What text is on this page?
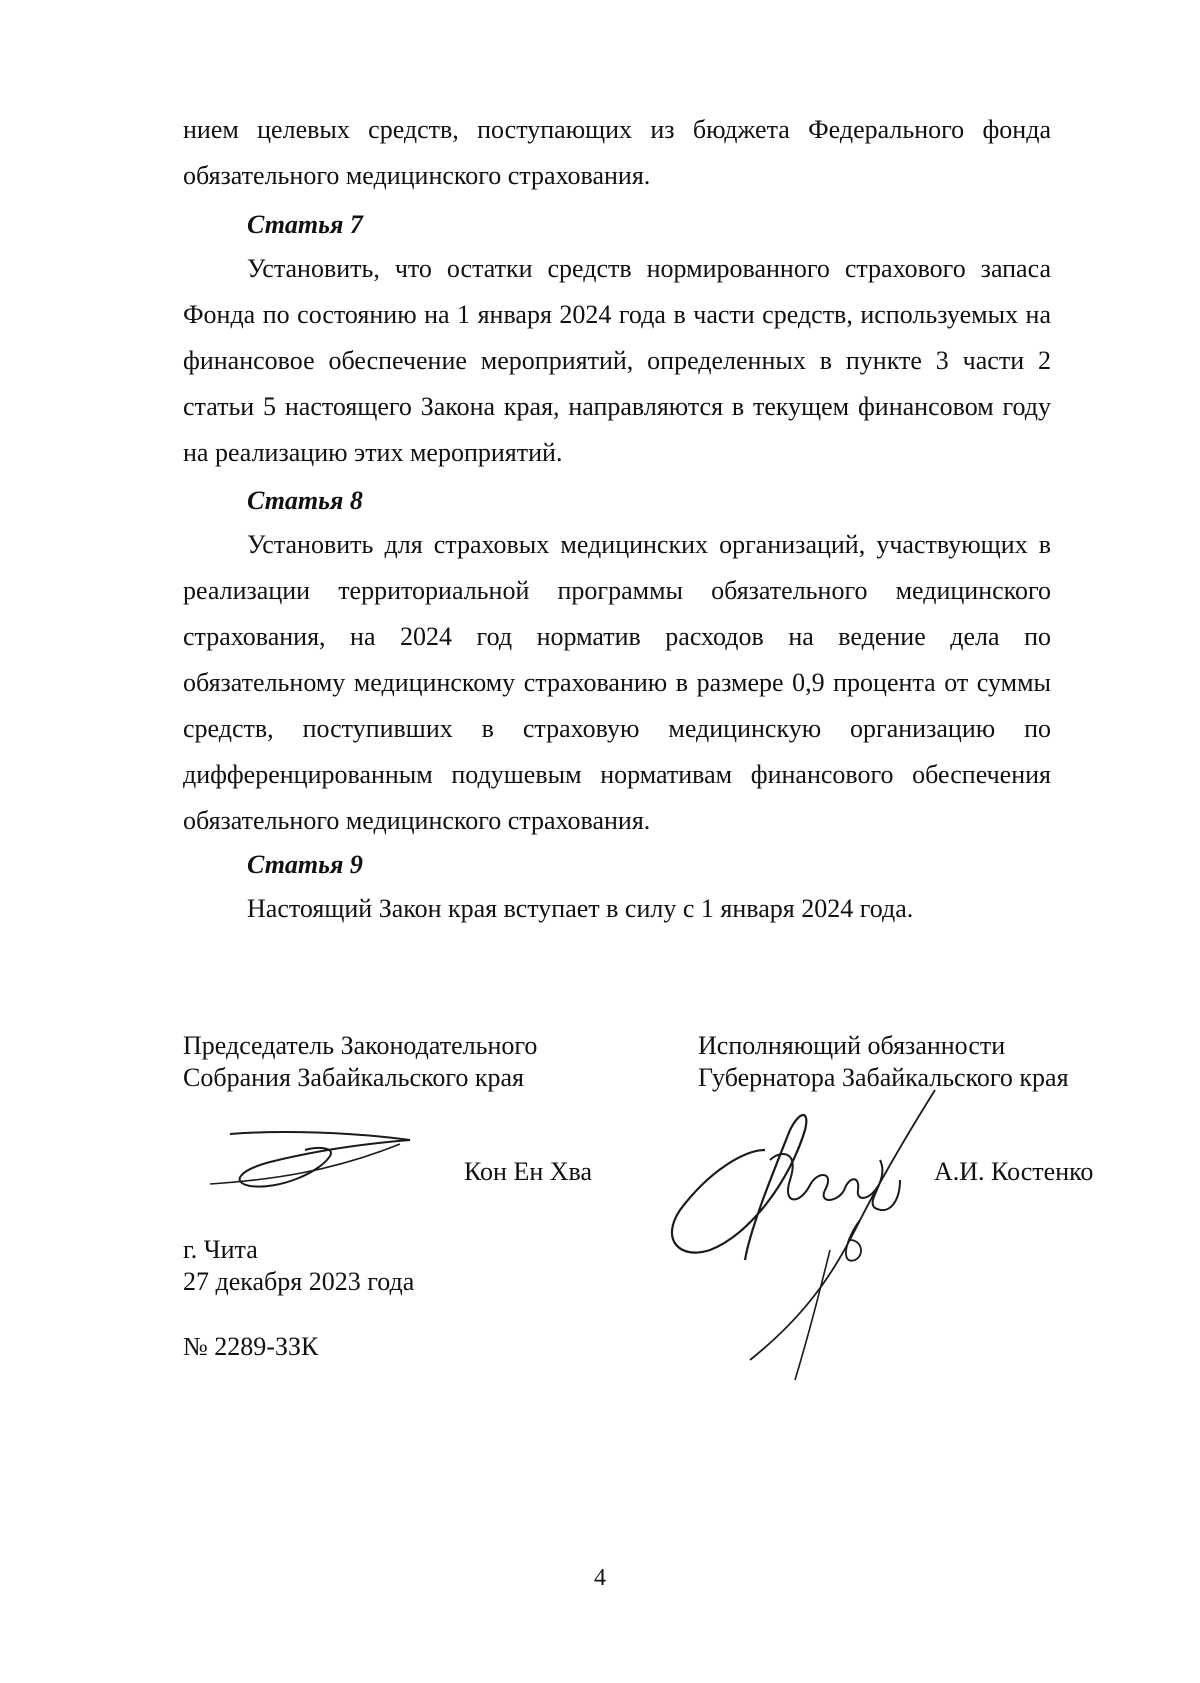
нием целевых средств, поступающих из бюджета Федерального фонда обязательного медицинского страхования.

Статья 7

Установить, что остатки средств нормированного страхового запаса Фонда по состоянию на 1 января 2024 года в части средств, используемых на финансовое обеспечение мероприятий, определенных в пункте 3 части 2 статьи 5 настоящего Закона края, направляются в текущем финансовом году на реализацию этих мероприятий.

Статья 8

Установить для страховых медицинских организаций, участвующих в реализации территориальной программы обязательного медицинского страхования, на 2024 год норматив расходов на ведение дела по обязательному медицинскому страхованию в размере 0,9 процента от суммы средств, поступивших в страховую медицинскую организацию по дифференцированным подушевым нормативам финансового обеспечения обязательного медицинского страхования.

Статья 9

Настоящий Закон края вступает в силу с 1 января 2024 года.

Председатель Законодательного
Собрания Забайкальского края
Кон Ен Хва
Исполняющий обязанности
Губернатора Забайкальского края
А.И. Костенко
г. Чита
27 декабря 2023 года
№ 2289-ЗЗК
4
